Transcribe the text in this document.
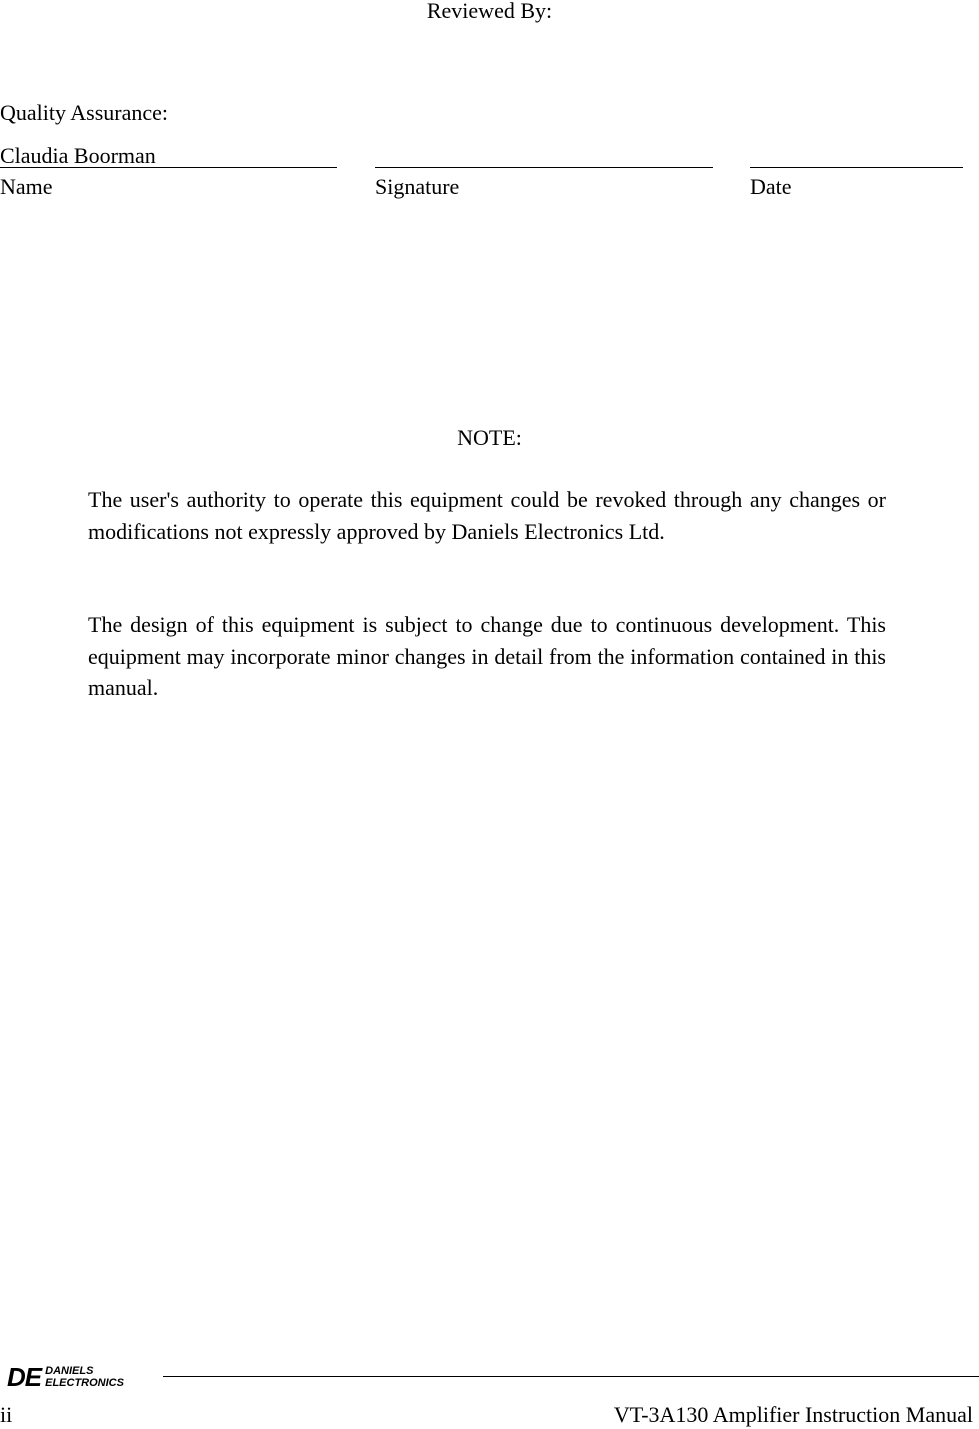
Reviewed By:
Quality Assurance:
Claudia Boorman
Name	Signature	Date
NOTE:

The user's authority to operate this equipment could be revoked through any changes or modifications not expressly approved by Daniels Electronics Ltd.

The design of this equipment is subject to change due to continuous development. This equipment may incorporate minor changes in detail from the information contained in this manual.

DE DANIELS
ELECTRONICS
ii	VT-3A130 Amplifier Instruction Manual
